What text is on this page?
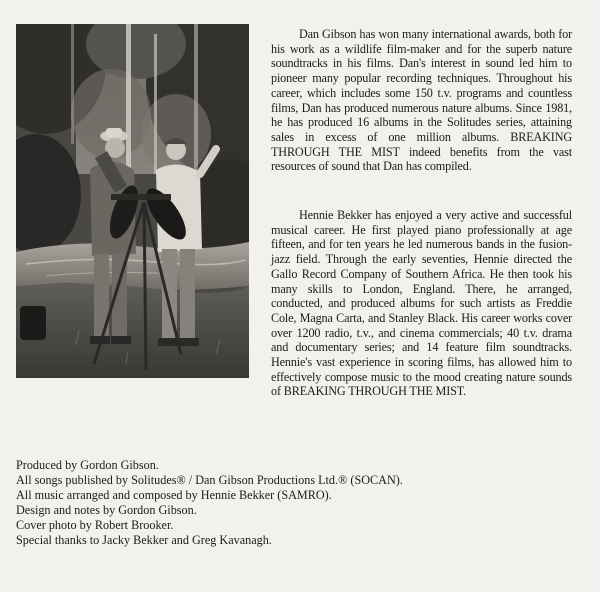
Dan Gibson has won many international awards, both for his work as a wildlife film-maker and for the superb nature soundtracks in his films. Dan's interest in sound led him to pioneer many popular recording techniques. Throughout his career, which includes some 150 t.v. programs and countless films, Dan has produced numerous nature albums. Since 1981, he has produced 16 albums in the Solitudes series, attaining sales in excess of one million albums. BREAKING THROUGH THE MIST indeed benefits from the vast resources of sound that Dan has compiled.

Hennie Bekker has enjoyed a very active and successful musical career. He first played piano professionally at age fifteen, and for ten years he led numerous bands in the fusion-jazz field. Through the early seventies, Hennie directed the Gallo Record Company of Southern Africa. He then took his many skills to London, England. There, he arranged, conducted, and produced albums for such artists as Freddie Cole, Magna Carta, and Stanley Black. His career works cover over 1200 radio, t.v., and cinema commercials; 40 t.v. drama and documentary series; and 14 feature film soundtracks. Hennie's vast experience in scoring films, has allowed him to effectively compose music to the mood creating nature sounds of BREAKING THROUGH THE MIST.

Produced by Gordon Gibson.
All songs published by Solitudes® / Dan Gibson Productions Ltd.® (SOCAN).
All music arranged and composed by Hennie Bekker (SAMRO).
Design and notes by Gordon Gibson.
Cover photo by Robert Brooker.
Special thanks to Jacky Bekker and Greg Kavanagh.
